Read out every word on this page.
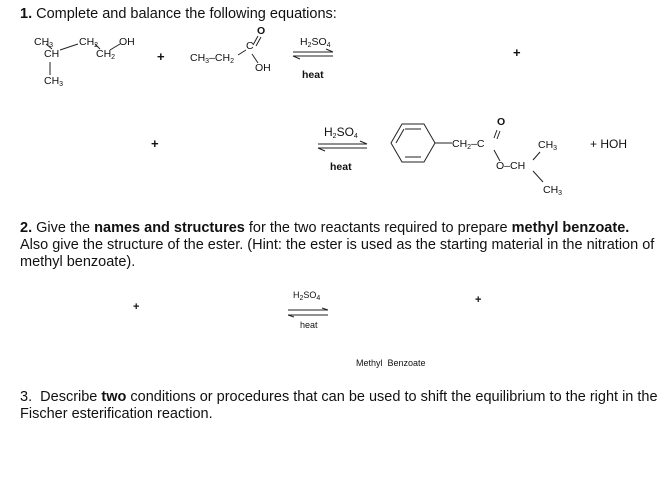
1. Complete and balance the following equations:
$CH_3$ $CH_2$ OH
CH	$CH_2$
$CH_3$
+ $CH_3-CH_2$
C
O
OH
$H_2SO_4$
heat
+
+
$H_2SO_4$
heat
$CH_2-C$
O
$CH_3$
O–CH
$CH_3$
+ HOH
2. Give the names and structures for the two reactants required to prepare methyl benzoate. Also give the structure of the ester. (Hint: the ester is used as the starting material in the nitration of methyl benzoate).
+
$H_2SO_4$
heat
+
Methyl  Benzoate
3. Describe two conditions or procedures that can be used to shift the equilibrium to the right in the Fischer esterification reaction.
